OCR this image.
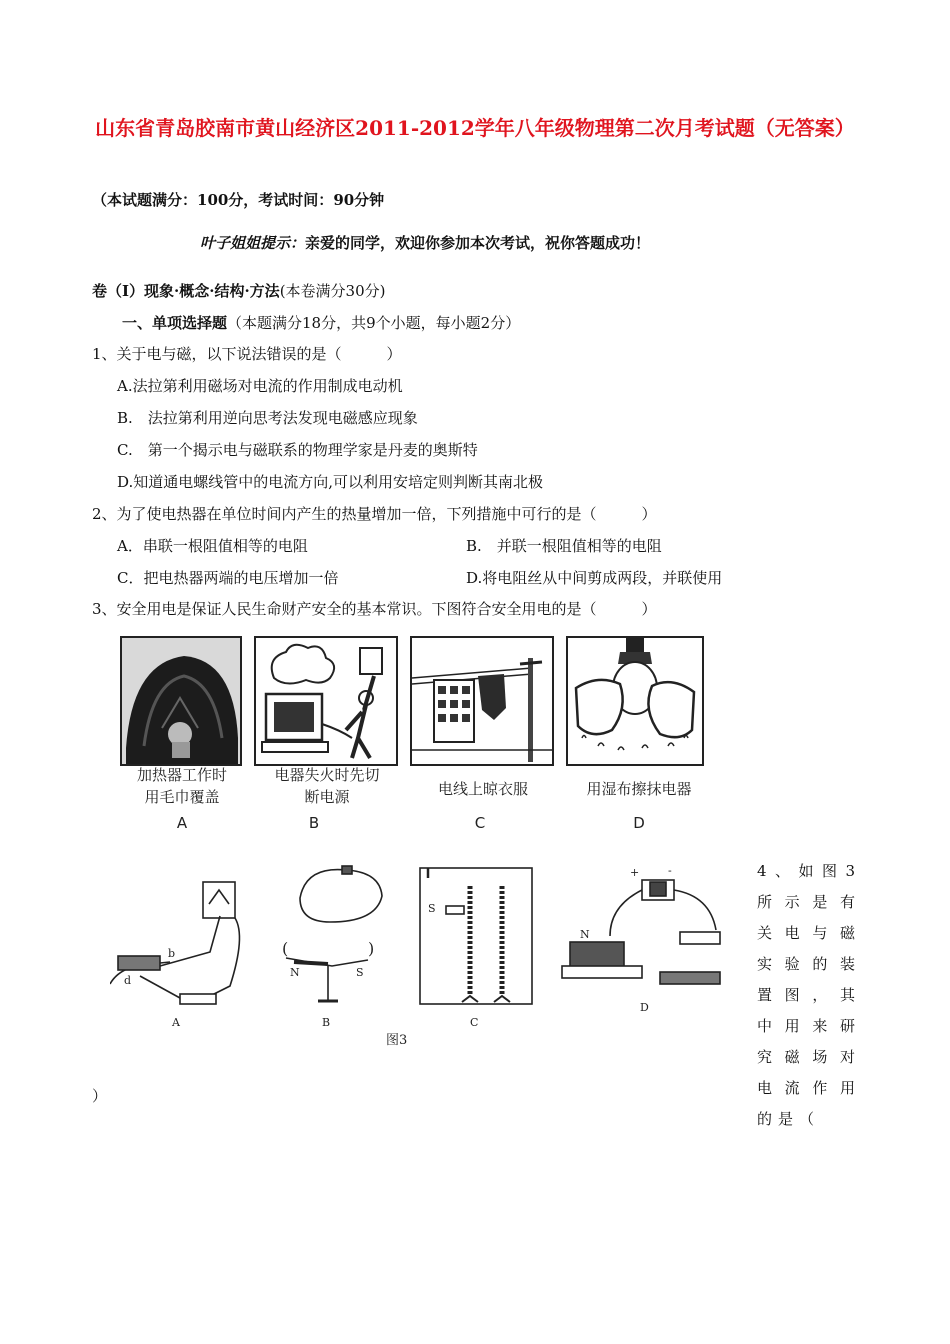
山东省青岛胶南市黄山经济区2011-2012学年八年级物理第二次月考试题（无答案）
（本试题满分：100分，考试时间：90分钟
叶子姐姐提示：亲爱的同学，欢迎你参加本次考试，祝你答题成功！
卷（Ⅰ）现象·概念·结构·方法(本卷满分30分)
一、单项选择题（本题满分18分，共9个小题，每小题2分）
1、关于电与磁，以下说法错误的是（　　　）
A.法拉第利用磁场对电流的作用制成电动机
B.　法拉第利用逆向思考法发现电磁感应现象
C.　第一个揭示电与磁联系的物理学家是丹麦的奥斯特
D.知道通电螺线管中的电流方向,可以利用安培定则判断其南北极
2、为了使电热器在单位时间内产生的热量增加一倍，下列措施中可行的是（　　　）
A．串联一根阻值相等的电阻	B.　并联一根阻值相等的电阻
C．把电热器两端的电压增加一倍	D.将电阻丝从中间剪成两段，并联使用
3、安全用电是保证人民生命财产安全的基本常识。下图符合安全用电的是（　　　）
加热器工作时
用毛巾覆盖
A
电器失火时先切
断电源
B
电线上晾衣服
C
用湿布擦抹电器
D
4、如图3所示是有关电与磁实验的装置图，其中用来研究磁场对电流作用的是（
）
b
d
A
(	)
N	S
B
S
C
+	-
N
D
图3
